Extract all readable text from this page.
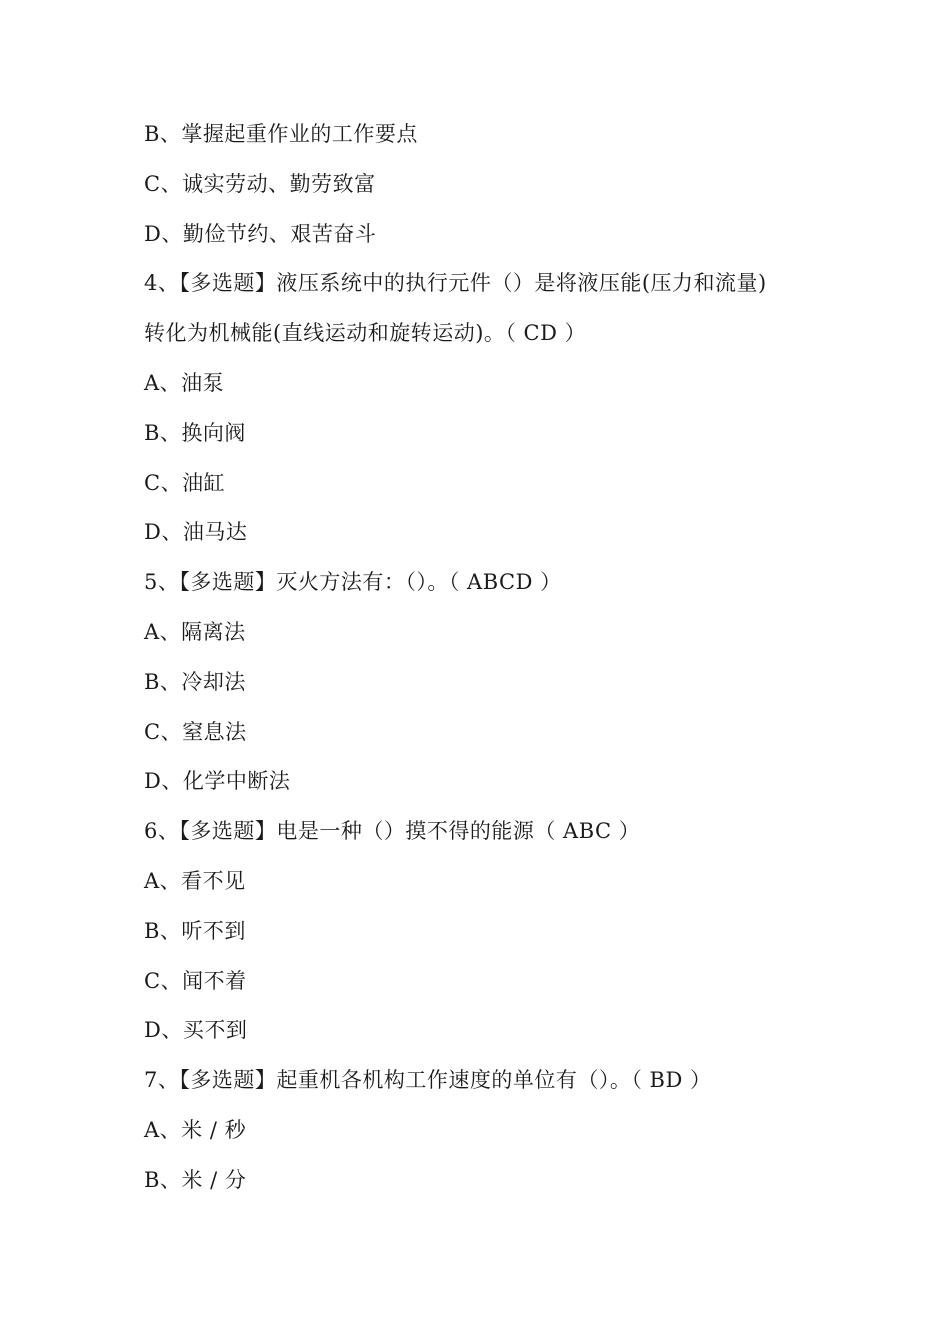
B、掌握起重作业的工作要点
C、诚实劳动、勤劳致富
D、勤俭节约、艰苦奋斗
4、【多选题】液压系统中的执行元件（）是将液压能(压力和流量)
转化为机械能(直线运动和旋转运动)。（ CD ）
A、油泵
B、换向阀
C、油缸
D、油马达
5、【多选题】灭火方法有：（）。（ ABCD ）
A、隔离法
B、冷却法
C、窒息法
D、化学中断法
6、【多选题】电是一种（）摸不得的能源（ ABC ）
A、看不见
B、听不到
C、闻不着
D、买不到
7、【多选题】起重机各机构工作速度的单位有（）。（ BD ）
A、米 / 秒
B、米 / 分
